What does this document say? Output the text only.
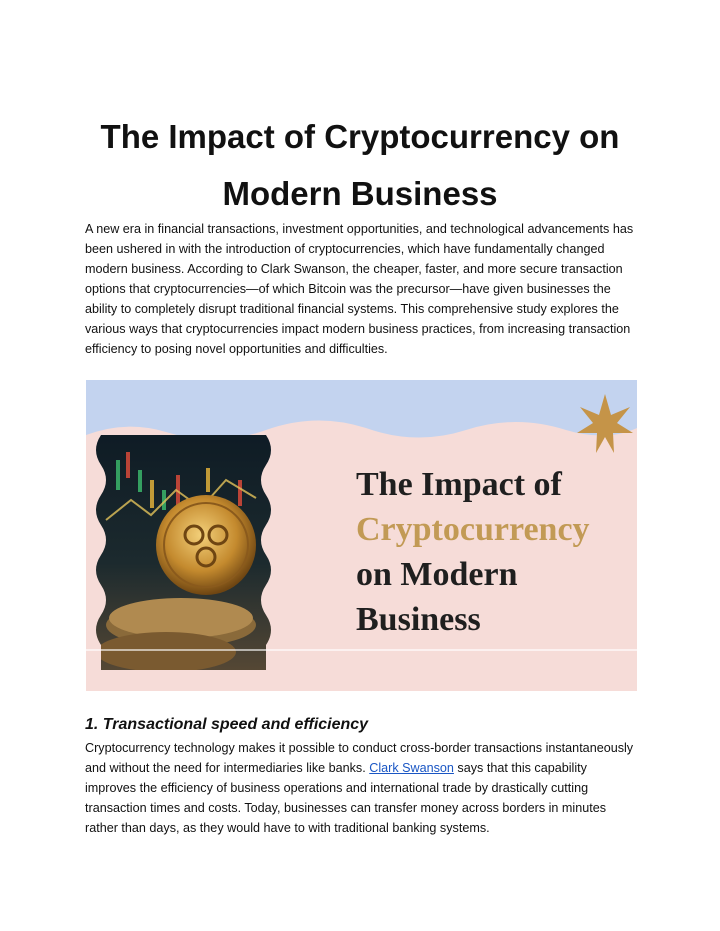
The Impact of Cryptocurrency on Modern Business

A new era in financial transactions, investment opportunities, and technological advancements has been ushered in with the introduction of cryptocurrencies, which have fundamentally changed modern business. According to Clark Swanson, the cheaper, faster, and more secure transaction options that cryptocurrencies—of which Bitcoin was the precursor—have given businesses the ability to completely disrupt traditional financial systems. This comprehensive study explores the various ways that cryptocurrencies impact modern business practices, from increasing transaction efficiency to posing novel opportunities and difficulties.

The Impact of
Cryptocurrency
on Modern
Business
1. Transactional speed and efficiency

Cryptocurrency technology makes it possible to conduct cross-border transactions instantaneously and without the need for intermediaries like banks. Clark Swanson says that this capability improves the efficiency of business operations and international trade by drastically cutting transaction times and costs. Today, businesses can transfer money across borders in minutes rather than days, as they would have to with traditional banking systems.
